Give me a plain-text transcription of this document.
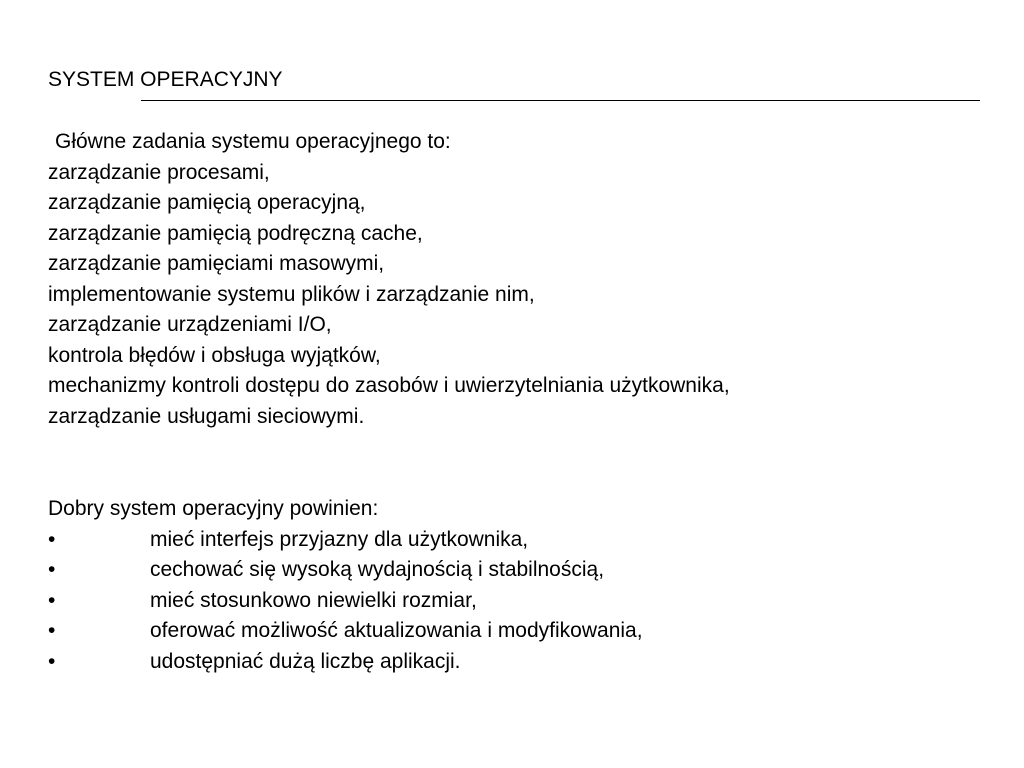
SYSTEM OPERACYJNY
Główne zadania systemu operacyjnego to:
zarządzanie procesami,
zarządzanie pamięcią operacyjną,
zarządzanie pamięcią podręczną cache,
zarządzanie pamięciami masowymi,
implementowanie systemu plików i zarządzanie nim,
zarządzanie urządzeniami I/O,
kontrola błędów i obsługa wyjątków,
mechanizmy kontroli dostępu do zasobów i uwierzytelniania użytkownika,
zarządzanie usługami sieciowymi.
Dobry system operacyjny powinien:
•	mieć interfejs przyjazny dla użytkownika,
•	cechować się wysoką wydajnością i stabilnością,
•	mieć stosunkowo niewielki rozmiar,
•	oferować możliwość aktualizowania i modyfikowania,
•	udostępniać dużą liczbę aplikacji.
